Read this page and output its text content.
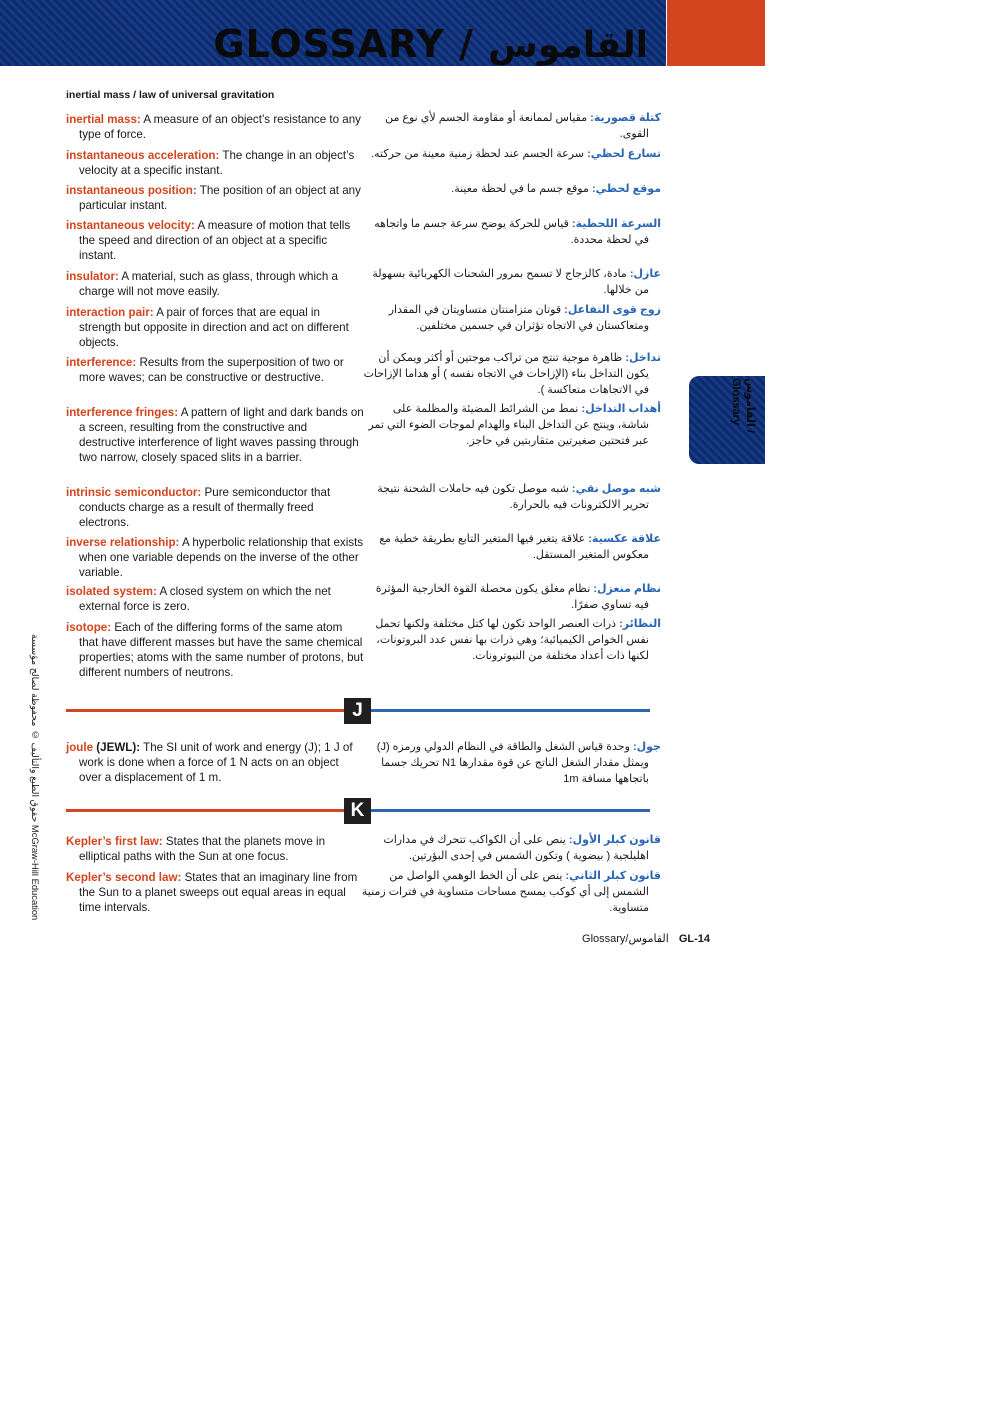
GLOSSARY / القاموس
inertial mass / law of universal gravitation
القاموس / Glossary
حقوق الطبع والتأليف © محفوظة لصالح مؤسسة McGraw-Hill Education
inertial mass: A measure of an object’s resistance to any type of force.
كتلة قصورية: مقياس لممانعة أو مقاومة الجسم لأي نوع من القوى.
instantaneous acceleration: The change in an object’s velocity at a specific instant.
تسارع لحظي: سرعة الجسم عند لحظة زمنية معينة من حركته.
instantaneous position: The position of an object at any particular instant.
موقع لحظي: موقع جسم ما في لحظة معينة.
instantaneous velocity: A measure of motion that tells the speed and direction of an object at a specific instant.
السرعة اللحظية: قياس للحركة يوضح سرعة جسم ما واتجاهه في لحظة محددة.
insulator: A material, such as glass, through which a charge will not move easily.
عازل: مادة، كالزجاج لا تسمح بمرور الشحنات الكهربائية بسهولة من خلالها.
interaction pair: A pair of forces that are equal in strength but opposite in direction and act on different objects.
زوج قوى التفاعل: قوتان متزامنتان متساويتان في المقدار ومتعاكستان في الاتجاه تؤثران في جسمين مختلفين.
interference: Results from the superposition of two or more waves; can be constructive or destructive.
تداخل: ظاهرة موجية تنتج من تراكب موجتين أو أكثر ويمكن أن يكون التداخل بناء (الإزاحات في الاتجاه نفسه ) أو هداما الإزاحات في الاتجاهات متعاكسة ).
interference fringes: A pattern of light and dark bands on a screen, resulting from the constructive and destructive interference of light waves passing through two narrow, closely spaced slits in a barrier.
أهداب التداخل: نمط من الشرائط المضيئة والمظلمة على شاشة، وينتج عن التداخل البناء والهدام لموجات الضوء التي تمر عبر فتحتين صغيرتين متقاربتين في حاجز.
intrinsic semiconductor: Pure semiconductor that conducts charge as a result of thermally freed electrons.
شبه موصل نقي: شبه موصل تكون فيه حاملات الشحنة نتيجة تحرير الالكترونات فيه بالحرارة.
inverse relationship: A hyperbolic relationship that exists when one variable depends on the inverse of the other variable.
علاقة عكسية: علاقة يتغير فيها المتغير التابع بطريقة خطية مع معكوس المتغير المستقل.
isolated system: A closed system on which the net external force is zero.
نظام منعزل: نظام مغلق يكون محصلة القوة الخارجية المؤثرة فيه تساوي صفرًا.
isotope: Each of the differing forms of the same atom that have different masses but have the same chemical properties; atoms with the same number of protons, but different numbers of neutrons.
النظائر: ذرات العنصر الواحد تكون لها كتل مختلفة ولكنها تحمل نفس الخواص الكيميائية؛ وهي ذرات بها نفس عدد البروتونات، لكنها ذات أعداد مختلفة من النيوترونات.
J
joule (JEWL): The SI unit of work and energy (J); 1 J of work is done when a force of 1 N acts on an object over a displacement of 1 m.
جول: وحدة قياس الشغل والطاقة في النظام الدولي ورمزه (J) ويمثل مقدار الشغل الناتج عن قوة مقدارها N1 تحريك جسما باتجاهها مسافة 1m
K
Kepler’s first law: States that the planets move in elliptical paths with the Sun at one focus.
قانون كبلر الأول: ينص على أن الكواكب تتحرك في مدارات اهليلجية ( بيضوية ) وتكون الشمس في إحدى البؤرتين.
Kepler’s second law: States that an imaginary line from the Sun to a planet sweeps out equal areas in equal time intervals.
قانون كبلر الثاني: ينص على أن الخط الوهمي الواصل من الشمس إلى أي كوكب يمسح مساحات متساوية في فترات زمنية متساوية.
Glossary/القاموس GL-14
